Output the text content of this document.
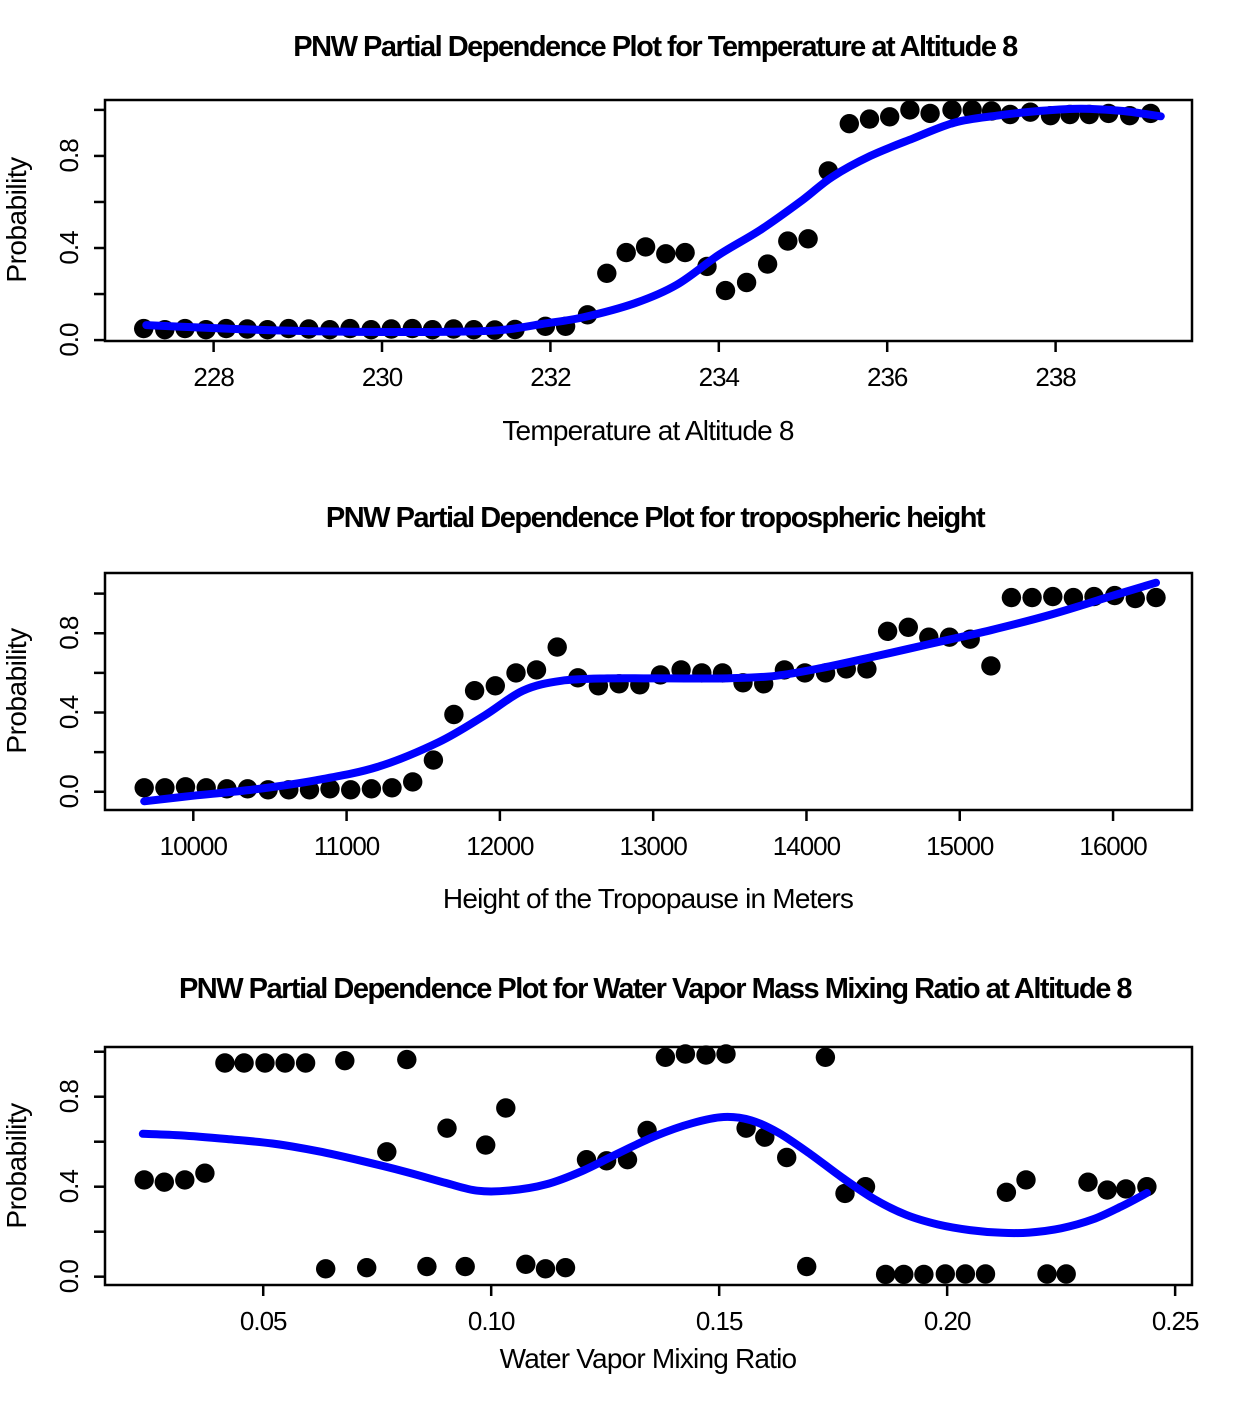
PNW Partial Dependence Plot for Temperature at Altitude 8
Probability
Temperature at Altitude 8
228	230	232	234	236	238
0.0
0.4
0.8
PNW Partial Dependence Plot for tropospheric height
Probability
Height of the Tropopause in Meters
10000	11000	12000	13000	14000	15000	16000
0.0
0.4
0.8
PNW Partial Dependence Plot for Water Vapor Mass Mixing Ratio at Altitude 8
Probability
Water Vapor Mixing Ratio
0.05	0.10	0.15	0.20	0.25
0.0
0.4
0.8
